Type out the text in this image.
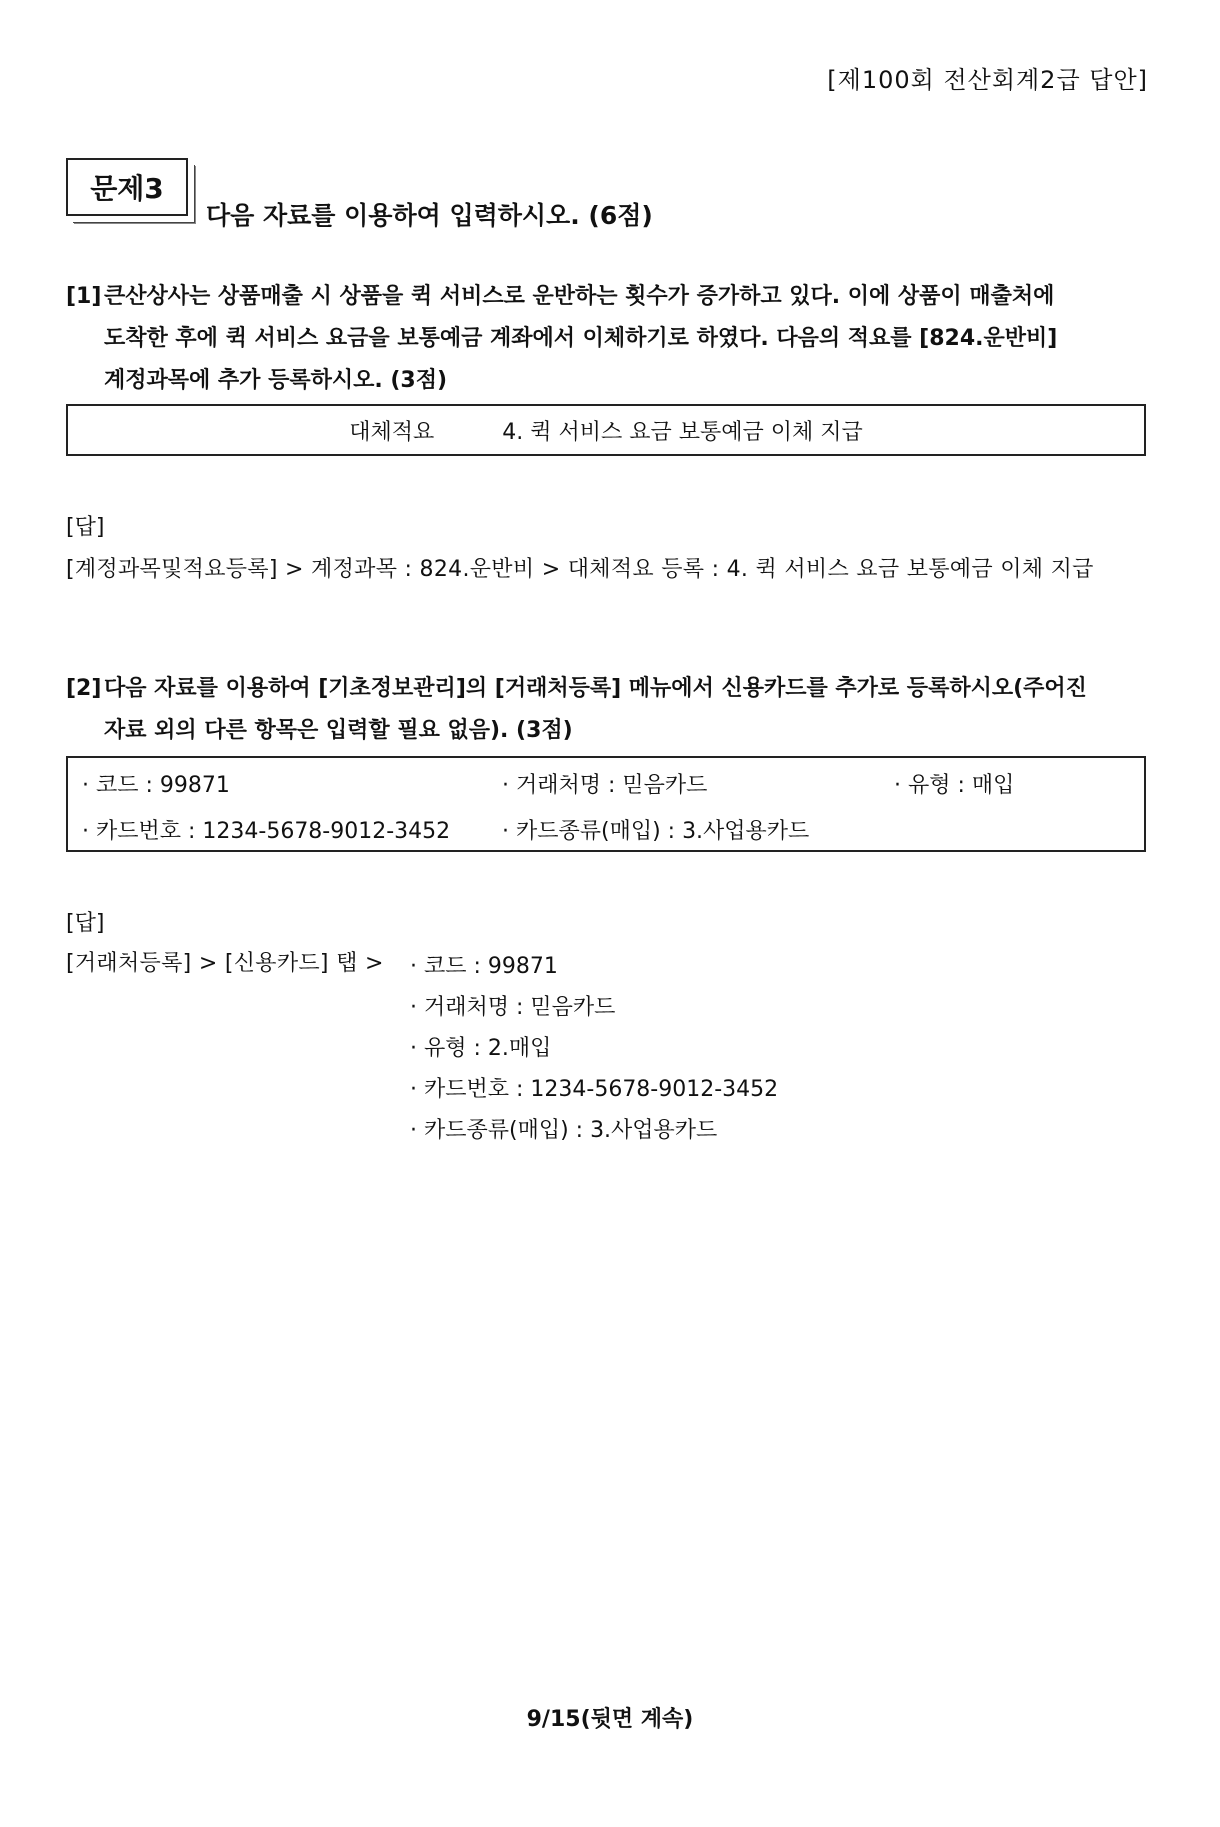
[제100회 전산회계2급 답안]
문제3
다음 자료를 이용하여 입력하시오. (6점)
[1] 큰산상사는 상품매출 시 상품을 퀵 서비스로 운반하는 횟수가 증가하고 있다. 이에 상품이 매출처에
도착한 후에 퀵 서비스 요금을 보통예금 계좌에서 이체하기로 하였다. 다음의 적요를 [824.운반비]
계정과목에 추가 등록하시오. (3점)
대체적요	4. 퀵 서비스 요금 보통예금 이체 지급
[답]
[계정과목및적요등록] > 계정과목 : 824.운반비 > 대체적요 등록 : 4. 퀵 서비스 요금 보통예금 이체 지급
[2] 다음 자료를 이용하여 [기초정보관리]의 [거래처등록] 메뉴에서 신용카드를 추가로 등록하시오(주어진
자료 외의 다른 항목은 입력할 필요 없음). (3점)
· 코드 : 99871	· 거래처명 : 믿음카드	· 유형 : 매입
· 카드번호 : 1234-5678-9012-3452 · 카드종류(매입) : 3.사업용카드
[답]
[거래처등록] > [신용카드] 탭 > · 코드 : 99871
· 거래처명 : 믿음카드
· 유형 : 2.매입
· 카드번호 : 1234-5678-9012-3452
· 카드종류(매입) : 3.사업용카드
9/15(뒷면 계속)
